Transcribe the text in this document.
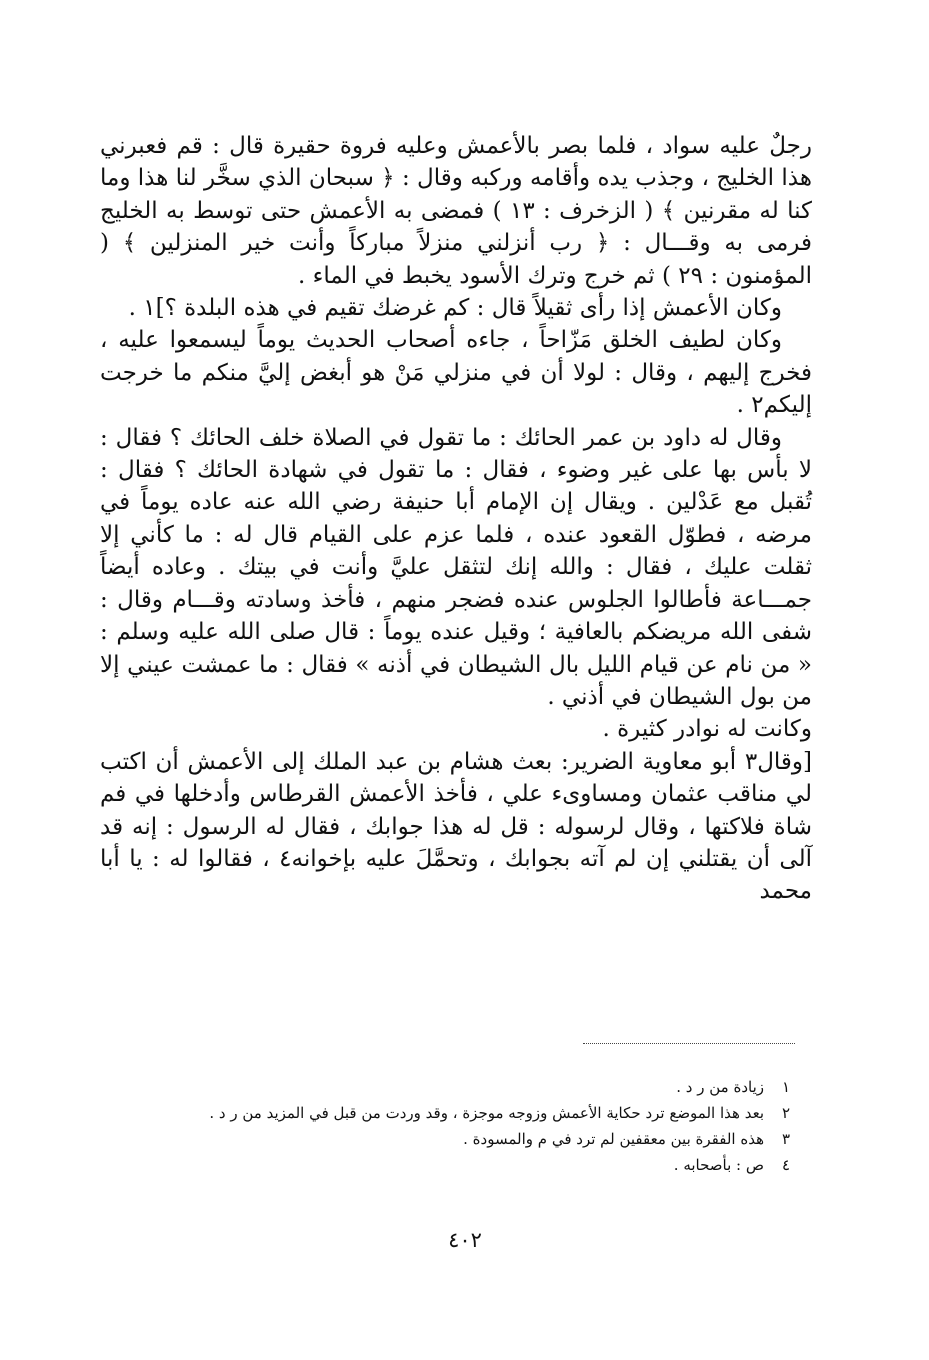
رجلٌ عليه سواد ، فلما بصر بالأعمش وعليه فروة حقيرة قال : قم فعبرني هذا الخليج ، وجذب يده وأقامه وركبه وقال : ﴿ سبحان الذي سخَّر لنا هذا وما كنا له مقرنين ﴾ ( الزخرف : ١٣ ) فمضى به الأعمش حتى توسط به الخليج فرمى به وقـــال : ﴿ رب أنزلني منزلاً مباركاً وأنت خير المنزلين ﴾ ( المؤمنون : ٢٩ ) ثم خرج وترك الأسود يخبط في الماء .

وكان الأعمش إذا رأى ثقيلاً قال : كم غرضك تقيم في هذه البلدة ؟]١ .

وكان لطيف الخلق مَزّاحاً ، جاءه أصحاب الحديث يوماً ليسمعوا عليه ، فخرج إليهم ، وقال : لولا أن في منزلي مَنْ هو أبغض إليَّ منكم ما خرجت إليكم٢ .

وقال له داود بن عمر الحائك : ما تقول في الصلاة خلف الحائك ؟ فقال : لا بأس بها على غير وضوء ، فقال : ما تقول في شهادة الحائك ؟ فقال : تُقبل مع عَدْلين . ويقال إن الإمام أبا حنيفة رضي الله عنه عاده يوماً في مرضه ، فطوّل القعود عنده ، فلما عزم على القيام قال له : ما كأني إلا ثقلت عليك ، فقال : والله إنك لتثقل عليَّ وأنت في بيتك . وعاده أيضاً جمـــاعة فأطالوا الجلوس عنده فضجر منهم ، فأخذ وسادته وقـــام وقال : شفى الله مريضكم بالعافية ؛ وقيل عنده يوماً : قال صلى الله عليه وسلم : « من نام عن قيام الليل بال الشيطان في أذنه » فقال : ما عمشت عيني إلا من بول الشيطان في أذني .

وكانت له نوادر كثيرة .

[وقال٣ أبو معاوية الضرير: بعث هشام بن عبد الملك إلى الأعمش أن اكتب لي مناقب عثمان ومساوىء علي ، فأخذ الأعمش القرطاس وأدخلها في فم شاة فلاكتها ، وقال لرسوله : قل له هذا جوابك ، فقال له الرسول : إنه قد آلى أن يقتلني إن لم آته بجوابك ، وتحمَّلَ عليه بإخوانه٤ ، فقالوا له : يا أبا محمد

١
زيادة من ر د .
٢
بعد هذا الموضع ترد حكاية الأعمش وزوجه موجزة ، وقد وردت من قبل في المزيد من ر د .
٣
هذه الفقرة بين معقفين لم ترد في م والمسودة .
٤
ص : بأصحابه .
٤٠٢
